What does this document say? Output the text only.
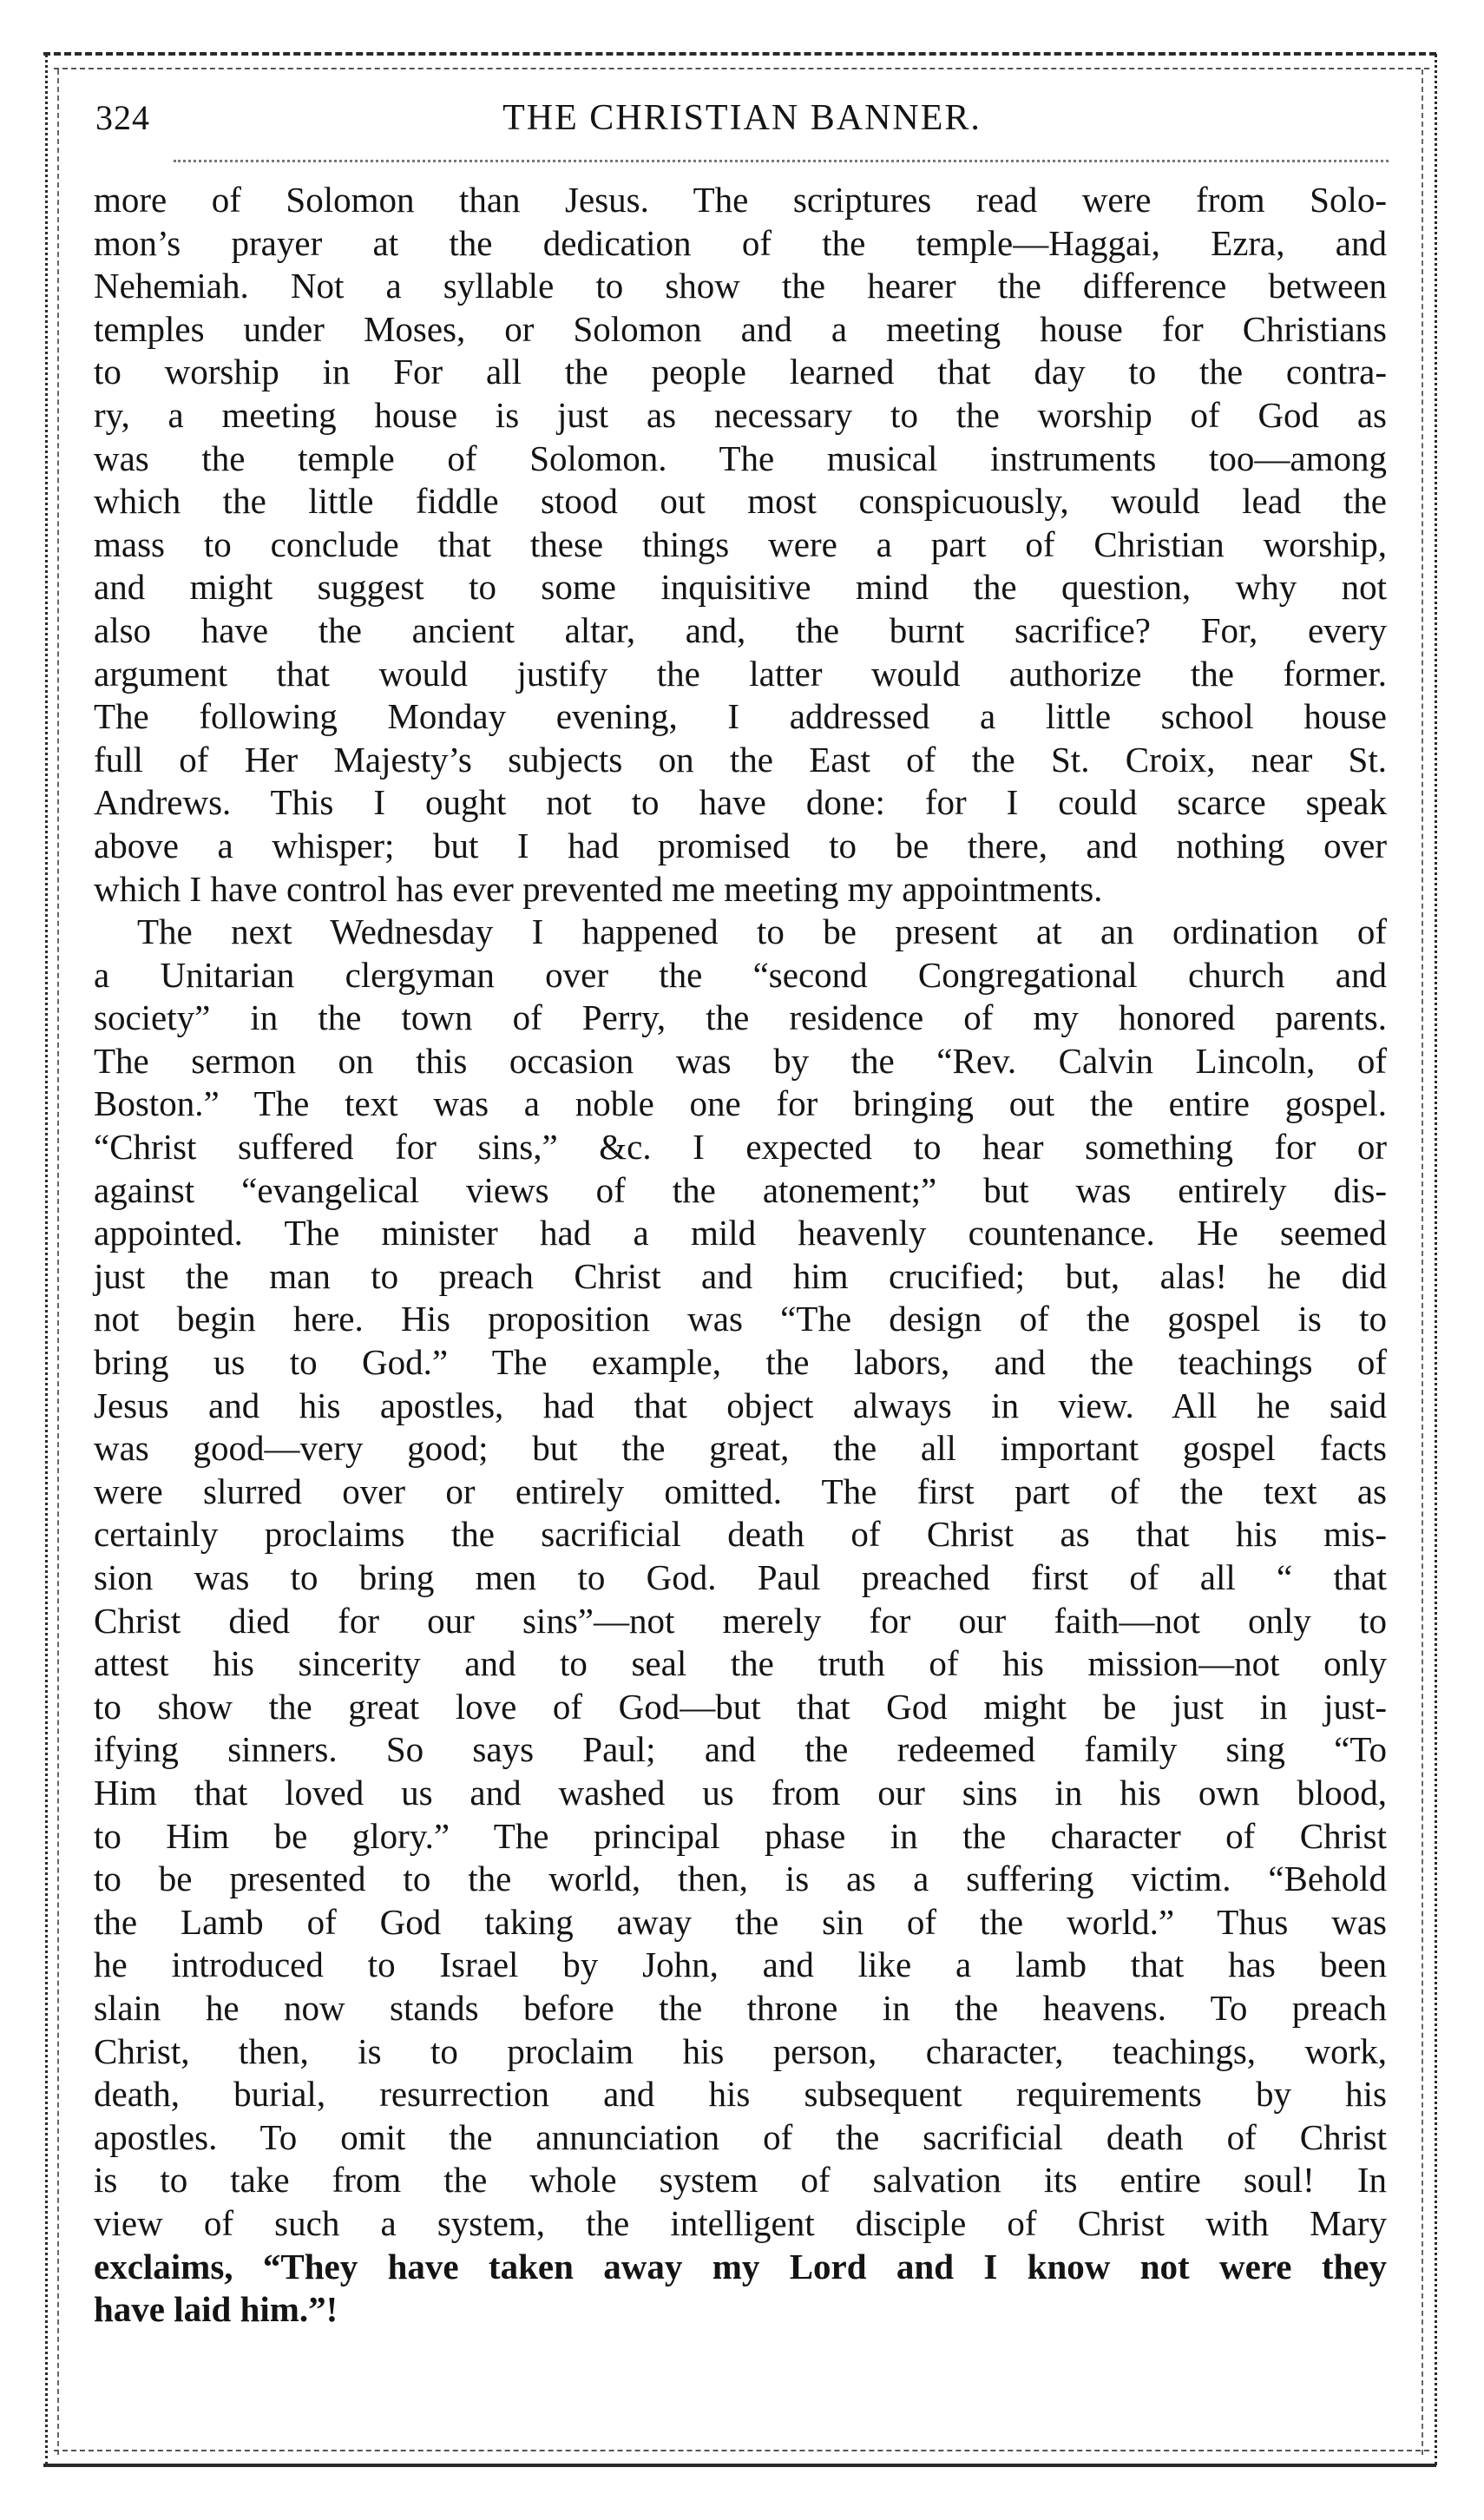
324	THE CHRISTIAN BANNER.
more of Solomon than Jesus. The scriptures read were from Solo-
mon’s prayer at the dedication of the temple—Haggai, Ezra, and
Nehemiah. Not a syllable to show the hearer the difference between
temples under Moses, or Solomon and a meeting house for Christians
to worship in For all the people learned that day to the contra-
ry, a meeting house is just as necessary to the worship of God as
was the temple of Solomon. The musical instruments too—among
which the little fiddle stood out most conspicuously, would lead the
mass to conclude that these things were a part of Christian worship,
and might suggest to some inquisitive mind the question, why not
also have the ancient altar, and, the burnt sacrifice? For, every
argument that would justify the latter would authorize the former.
The following Monday evening, I addressed a little school house
full of Her Majesty’s subjects on the East of the St. Croix, near St.
Andrews. This I ought not to have done: for I could scarce speak
above a whisper; but I had promised to be there, and nothing over
which I have control has ever prevented me meeting my appointments.
The next Wednesday I happened to be present at an ordination of
a Unitarian clergyman over the “second Congregational church and
society” in the town of Perry, the residence of my honored parents.
The sermon on this occasion was by the “Rev. Calvin Lincoln, of
Boston.” The text was a noble one for bringing out the entire gospel.
“Christ suffered for sins,” &c. I expected to hear something for or
against “evangelical views of the atonement;” but was entirely dis-
appointed. The minister had a mild heavenly countenance. He seemed
just the man to preach Christ and him crucified; but, alas! he did
not begin here. His proposition was “The design of the gospel is to
bring us to God.” The example, the labors, and the teachings of
Jesus and his apostles, had that object always in view. All he said
was good—very good; but the great, the all important gospel facts
were slurred over or entirely omitted. The first part of the text as
certainly proclaims the sacrificial death of Christ as that his mis-
sion was to bring men to God. Paul preached first of all “ that
Christ died for our sins”—not merely for our faith—not only to
attest his sincerity and to seal the truth of his mission—not only
to show the great love of God—but that God might be just in just-
ifying sinners. So says Paul; and the redeemed family sing “To
Him that loved us and washed us from our sins in his own blood,
to Him be glory.” The principal phase in the character of Christ
to be presented to the world, then, is as a suffering victim. “Behold
the Lamb of God taking away the sin of the world.” Thus was
he introduced to Israel by John, and like a lamb that has been
slain he now stands before the throne in the heavens. To preach
Christ, then, is to proclaim his person, character, teachings, work,
death, burial, resurrection and his subsequent requirements by his
apostles. To omit the annunciation of the sacrificial death of Christ
is to take from the whole system of salvation its entire soul! In
view of such a system, the intelligent disciple of Christ with Mary
exclaims, “They have taken away my Lord and I know not were they
have laid him.”!
